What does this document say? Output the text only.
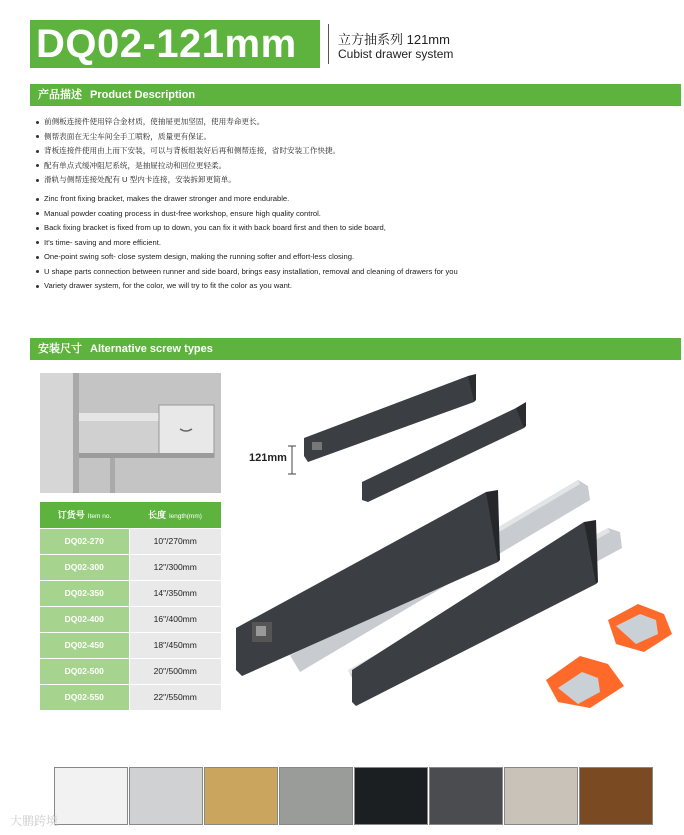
DQ02-121mm	立方抽系列 121mm
Cubist drawer system
产品描述 Product Description
前侧板连接件使用锌合金材质，使抽屉更加坚固，使用寿命更长。
侧帮表面在无尘车间全手工喷粉，质量更有保证。
背板连接件使用由上而下安装，可以与背板组装好后再和侧帮连接，省时安装工作快捷。
配有单点式缓冲阻尼系统，是抽屉拉动和回位更轻柔。
滑轨与侧帮连接处配有 U 型内卡连接，安装拆卸更简单。
Zinc front fixing bracket, makes the drawer stronger and more endurable.
Manual powder coating process in dust-free workshop, ensure high quality control.
Back fixing bracket is fixed from up to down, you can fix it with back board first and then to side board,
It's time- saving and more efficient.
One-point swing soft- close system design, making the running softer and effort-less closing.
U shape parts connection between runner and side board, brings easy installation, removal and cleaning of drawers for you
Variety drawer system, for the color, we will try to fit the color as you want.
安装尺寸 Alternative screw types
订货号 Item no.	长度 length(mm)
DQ02-270	10"/270mm
DQ02-300	12"/300mm
DQ02-350	14"/350mm
DQ02-400	16"/400mm
DQ02-450	18"/450mm
DQ02-500	20"/500mm
DQ02-550	22"/550mm
121mm
大鹏跨境
